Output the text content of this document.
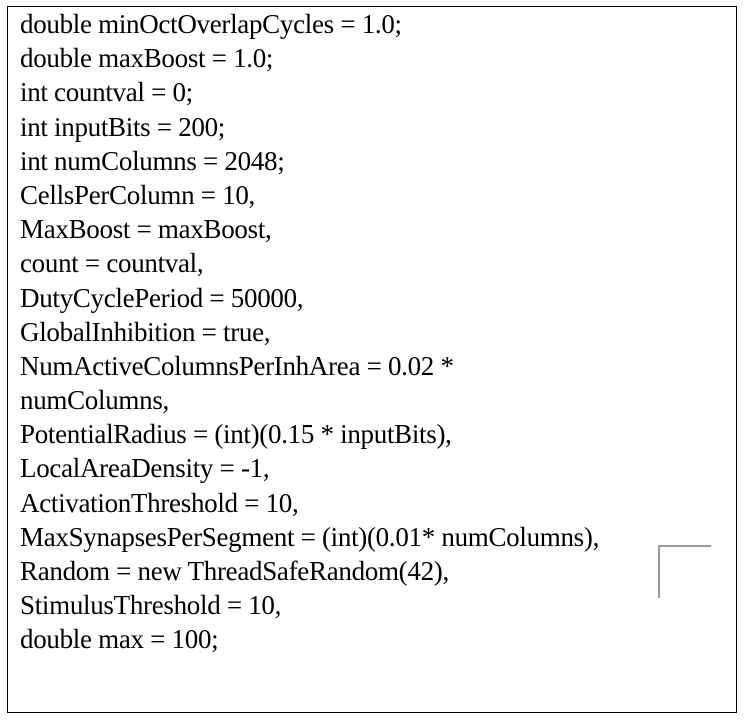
double minOctOverlapCycles = 1.0;
double maxBoost = 1.0;
int countval = 0;
int inputBits = 200;
int numColumns = 2048;
CellsPerColumn = 10,
MaxBoost = maxBoost,
count = countval,
DutyCyclePeriod = 50000,
GlobalInhibition = true,
NumActiveColumnsPerInhArea = 0.02 *
numColumns,
PotentialRadius = (int)(0.15 * inputBits),
LocalAreaDensity = -1,
ActivationThreshold = 10,
MaxSynapsesPerSegment = (int)(0.01* numColumns),
Random = new ThreadSafeRandom(42),
StimulusThreshold = 10,
double max = 100;
